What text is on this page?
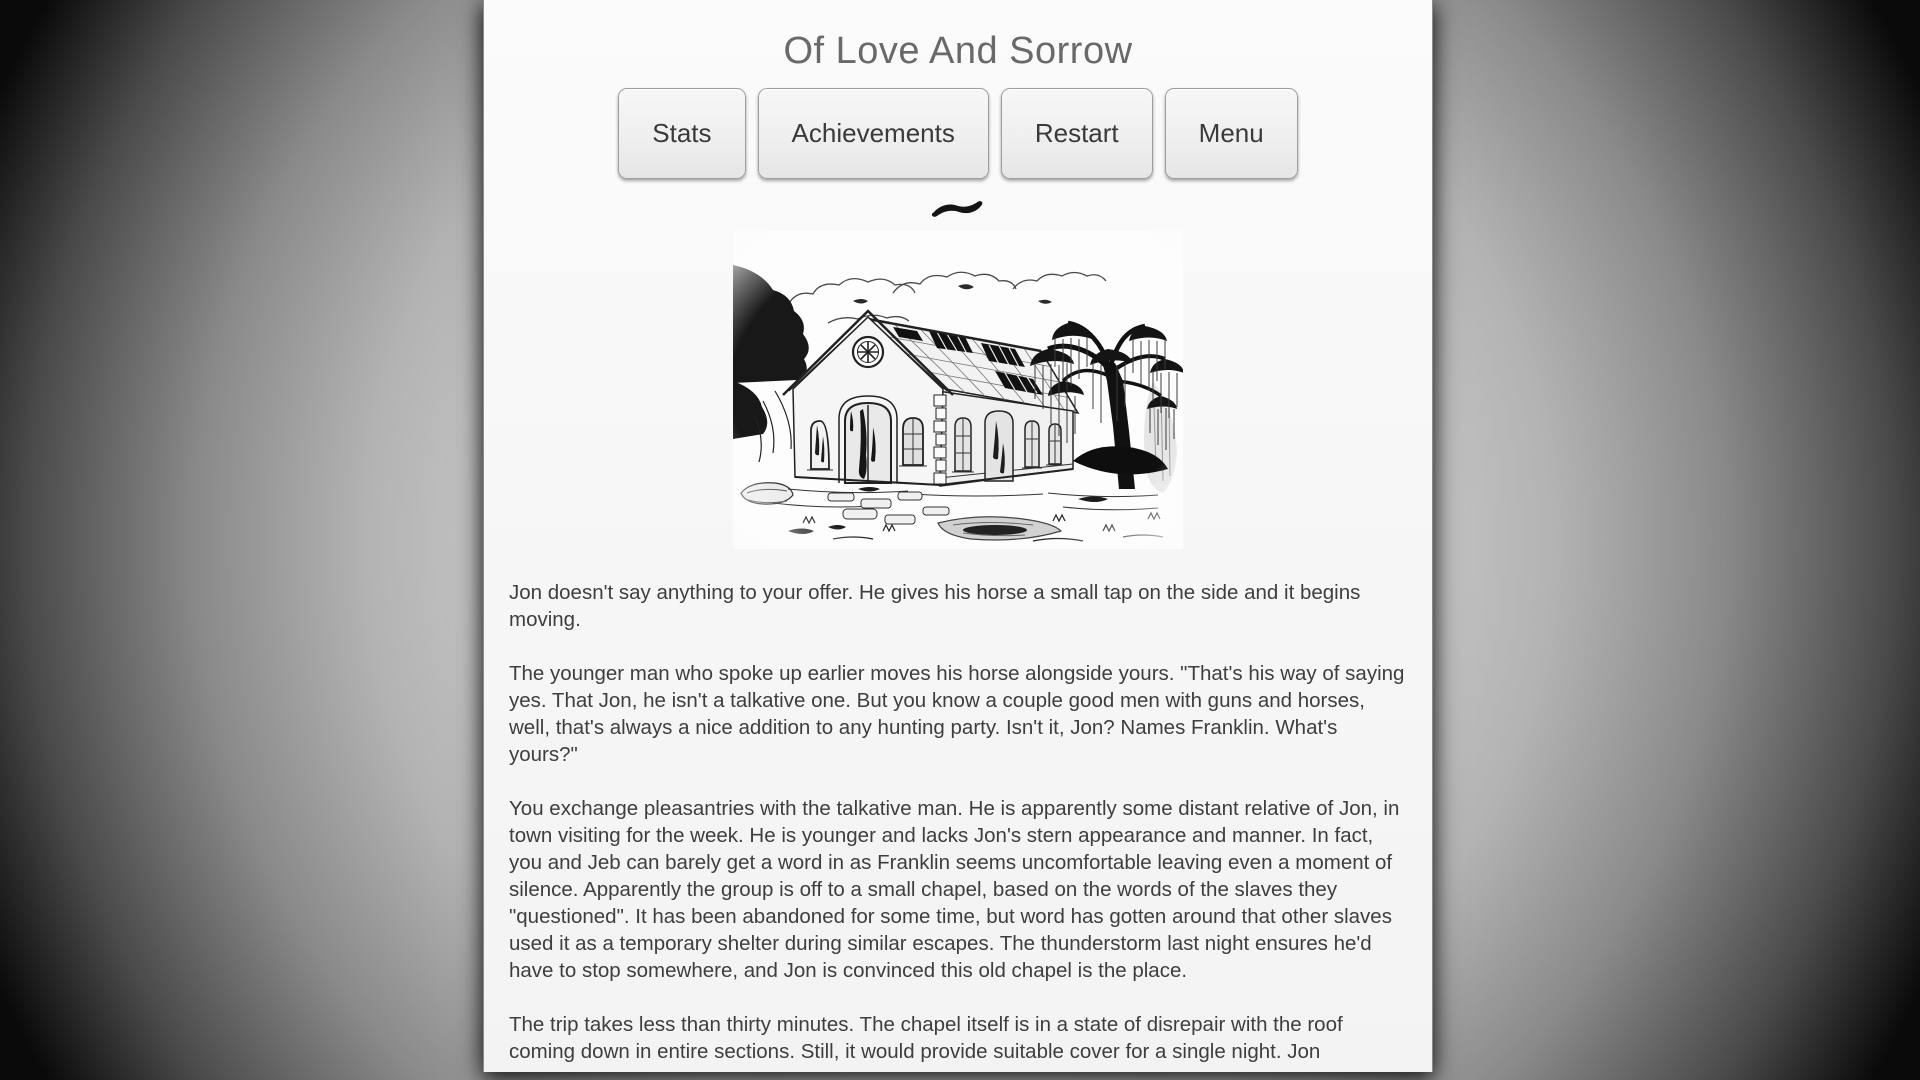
Of Love And Sorrow
Stats	Achievements	Restart	Menu

Jon doesn't say anything to your offer. He gives his horse a small tap on the side and it begins moving.

The younger man who spoke up earlier moves his horse alongside yours. "That's his way of saying yes. That Jon, he isn't a talkative one. But you know a couple good men with guns and horses, well, that's always a nice addition to any hunting party. Isn't it, Jon? Names Franklin. What's yours?"

You exchange pleasantries with the talkative man. He is apparently some distant relative of Jon, in town visiting for the week. He is younger and lacks Jon's stern appearance and manner. In fact, you and Jeb can barely get a word in as Franklin seems uncomfortable leaving even a moment of silence. Apparently the group is off to a small chapel, based on the words of the slaves they "questioned". It has been abandoned for some time, but word has gotten around that other slaves used it as a temporary shelter during similar escapes. The thunderstorm last night ensures he'd have to stop somewhere, and Jon is convinced this old chapel is the place.

The trip takes less than thirty minutes. The chapel itself is in a state of disrepair with the roof coming down in entire sections. Still, it would provide suitable cover for a single night. Jon
